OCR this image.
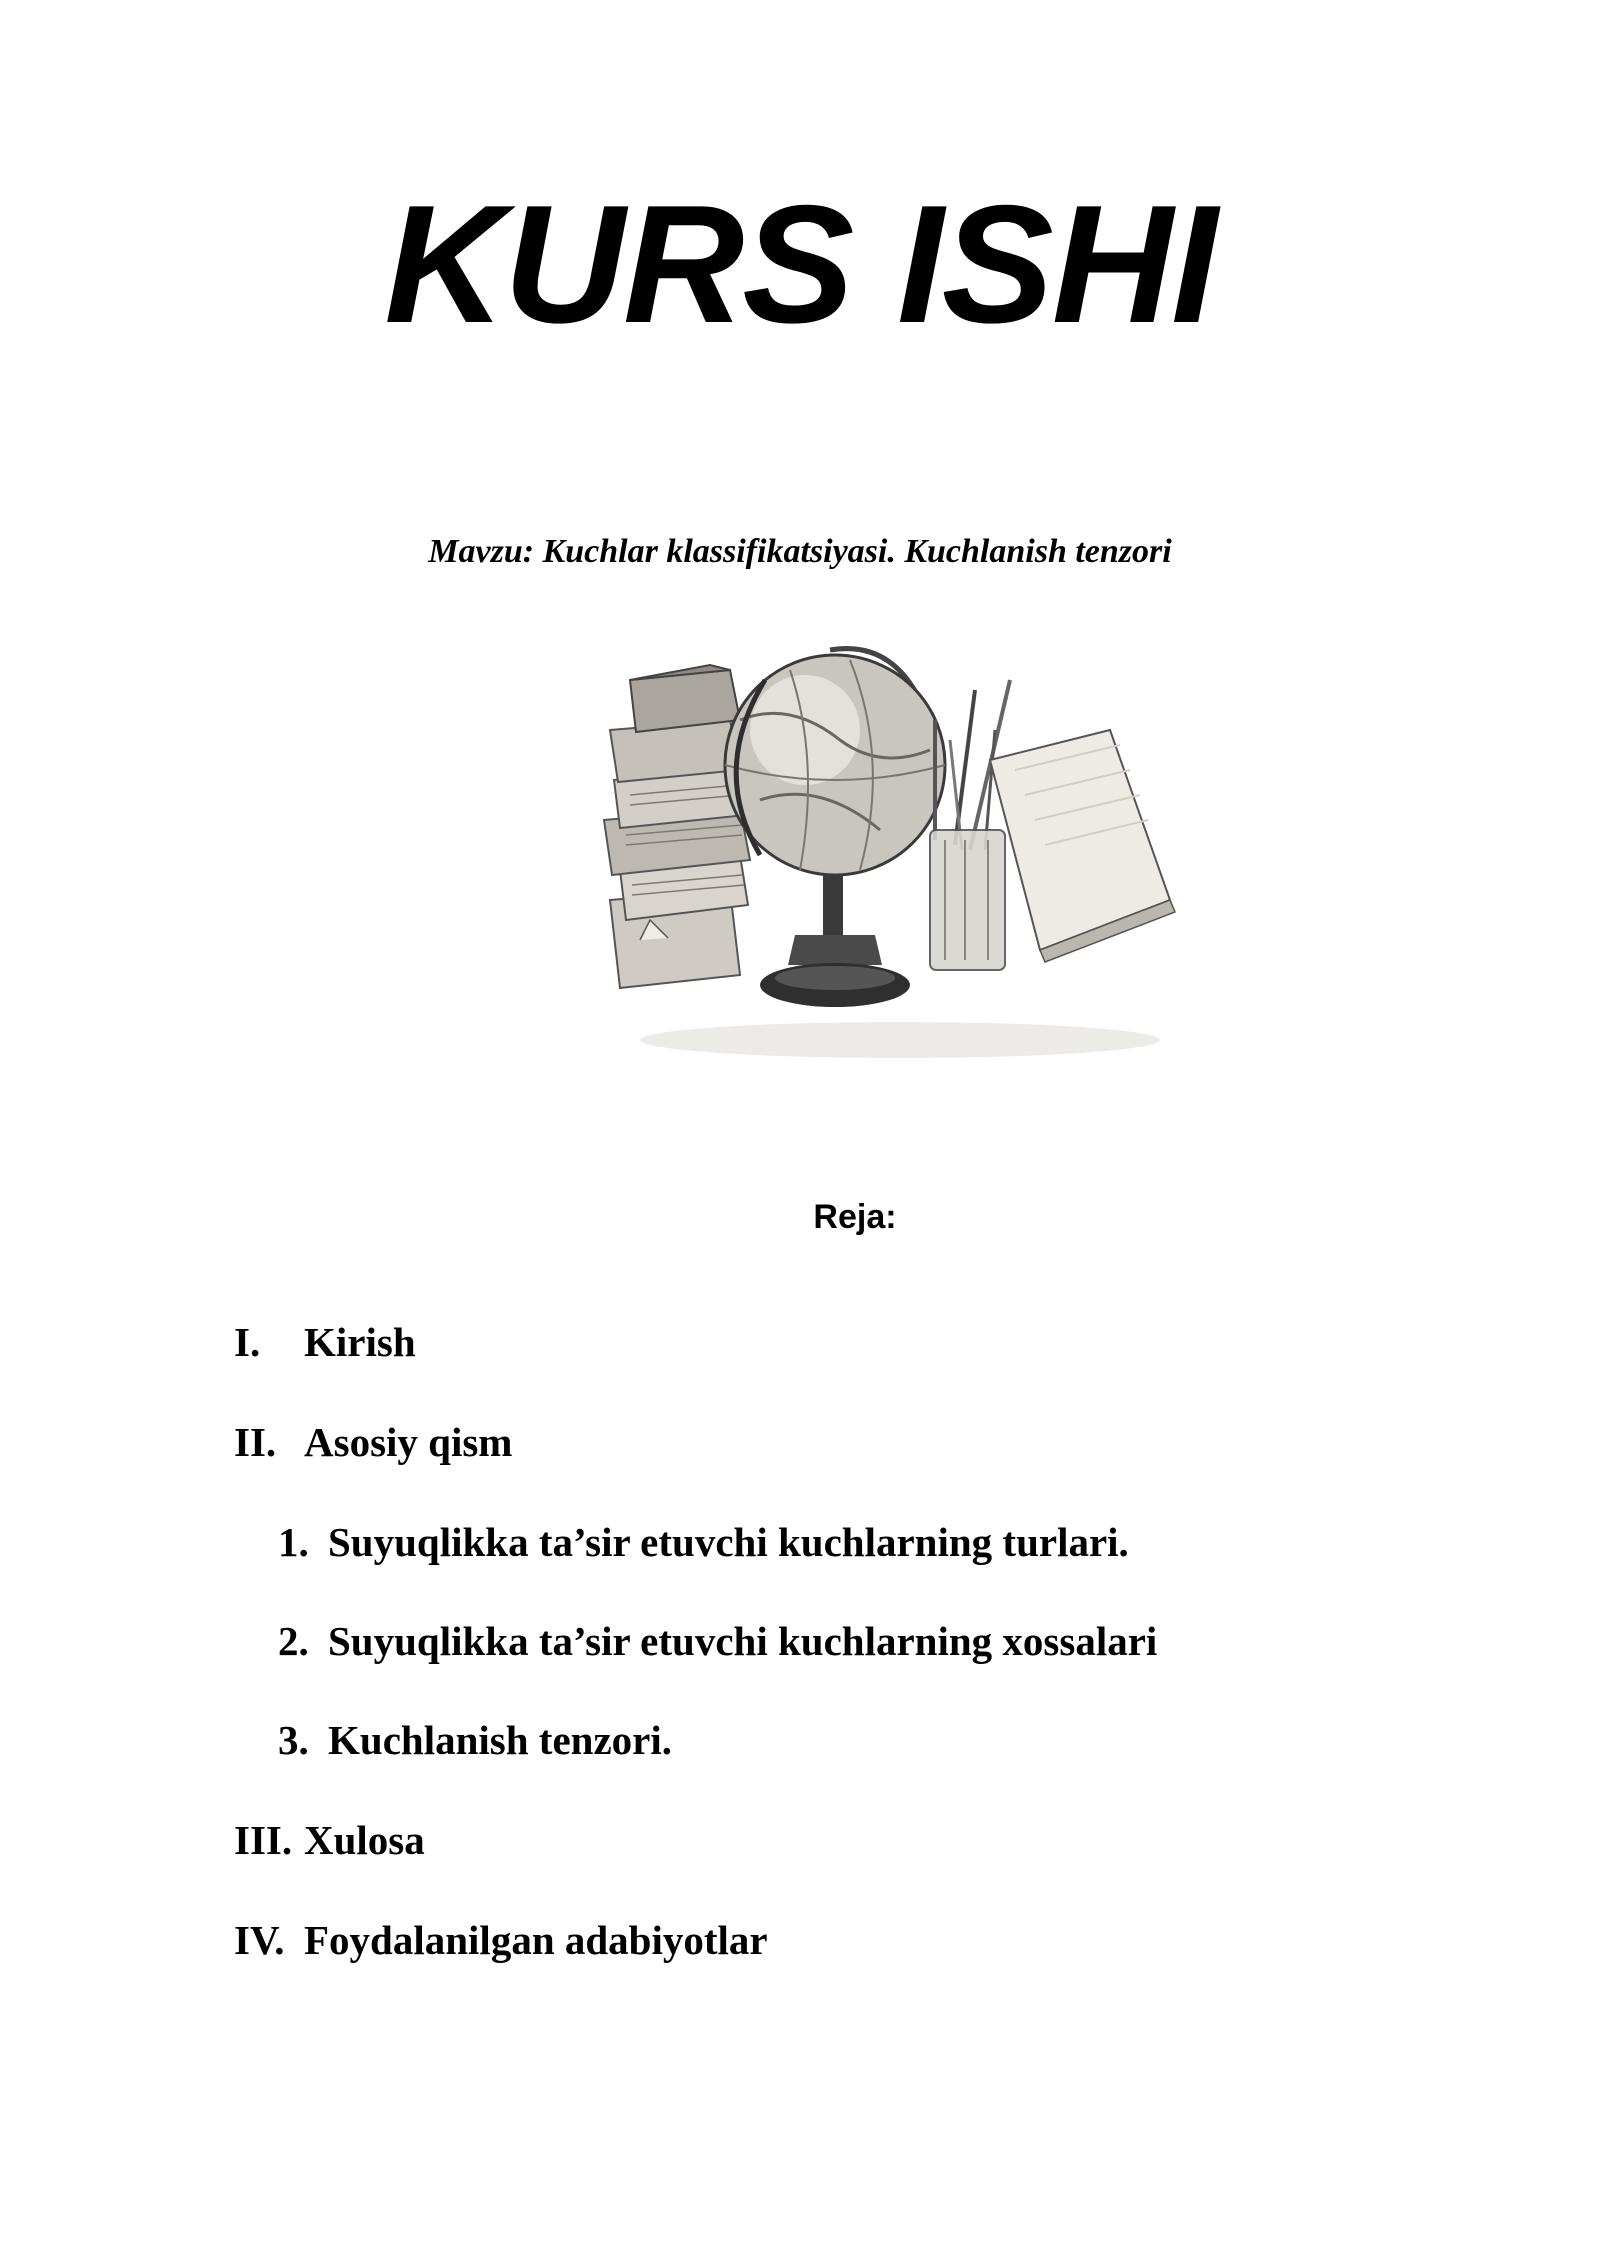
KURS ISHI
Mavzu: Kuchlar klassifikatsiyasi. Kuchlanish tenzori
Reja:
I. Kirish
II. Asosiy qism
1. Suyuqlikka ta’sir etuvchi kuchlarning turlari.
2. Suyuqlikka ta’sir etuvchi kuchlarning xossalari
3. Kuchlanish tenzori.
III. Xulosa
IV. Foydalanilgan adabiyotlar
